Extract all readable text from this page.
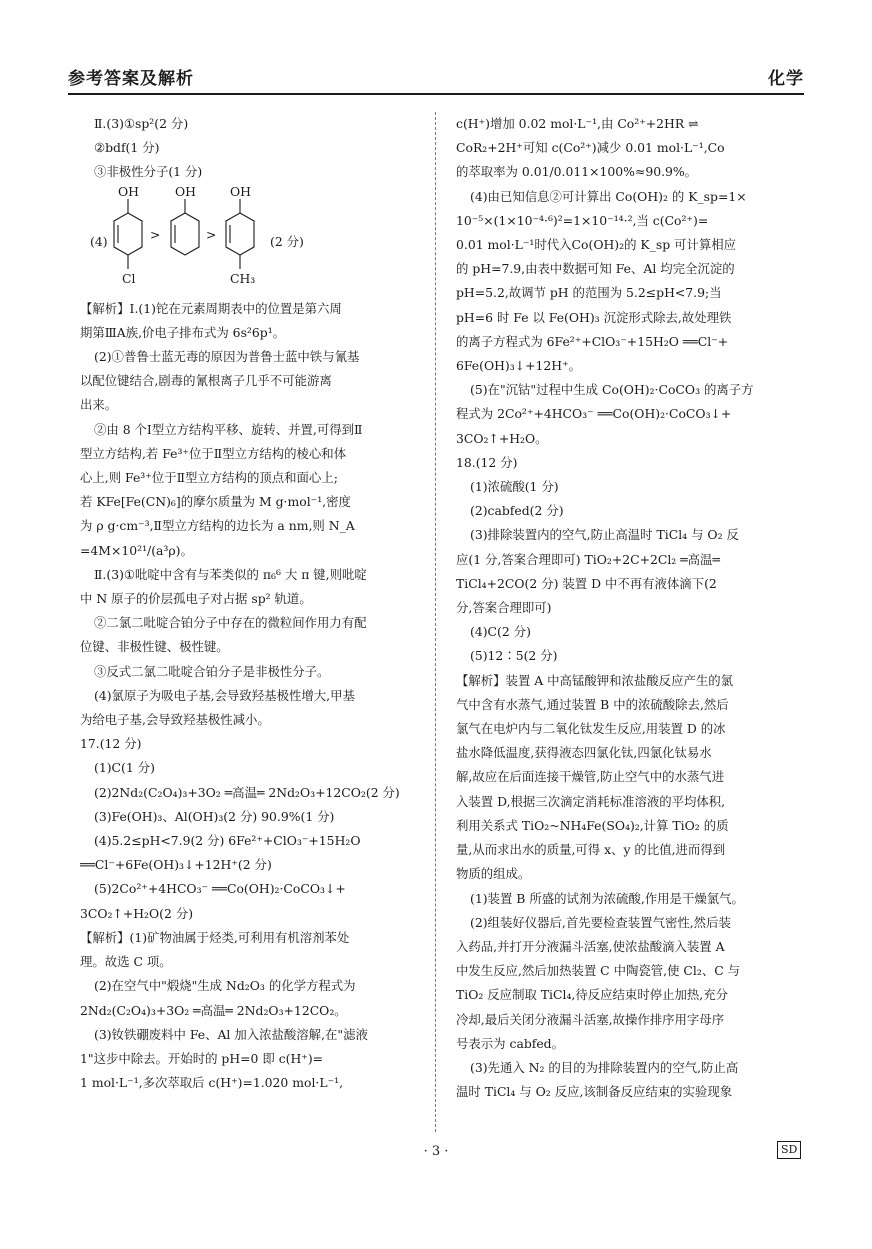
参考答案及解析	化学
Ⅱ.(3)①sp²(2 分)
②bdf(1 分)
③非极性分子(1 分)
(4)
OH	OH	OH
>	>
Cl	CH₃
(2 分)
【解析】Ⅰ.(1)铊在元素周期表中的位置是第六周
期第ⅢA族,价电子排布式为 6s²6p¹。
(2)①普鲁士蓝无毒的原因为普鲁士蓝中铁与氰基
以配位键结合,剧毒的氰根离子几乎不可能游离
出来。
②由 8 个Ⅰ型立方结构平移、旋转、并置,可得到Ⅱ
型立方结构,若 Fe³⁺位于Ⅱ型立方结构的棱心和体
心上,则 Fe³⁺位于Ⅱ型立方结构的顶点和面心上;
若 KFe[Fe(CN)₆]的摩尔质量为 M g·mol⁻¹,密度
为 ρ g·cm⁻³,Ⅱ型立方结构的边长为 a nm,则 N_A
=4M×10²¹/(a³ρ)。
Ⅱ.(3)①吡啶中含有与苯类似的 π₆⁶ 大 π 键,则吡啶
中 N 原子的价层孤电子对占据 sp² 轨道。
②二氯二吡啶合铂分子中存在的微粒间作用力有配
位键、非极性键、极性键。
③反式二氯二吡啶合铂分子是非极性分子。
(4)氯原子为吸电子基,会导致羟基极性增大,甲基
为给电子基,会导致羟基极性减小。
17.(12 分)
(1)C(1 分)
(2)2Nd₂(C₂O₄)₃+3O₂ ═高温═ 2Nd₂O₃+12CO₂(2 分)
(3)Fe(OH)₃、Al(OH)₃(2 分) 90.9%(1 分)
(4)5.2≤pH<7.9(2 分) 6Fe²⁺+ClO₃⁻+15H₂O
══Cl⁻+6Fe(OH)₃↓+12H⁺(2 分)
(5)2Co²⁺+4HCO₃⁻ ══Co(OH)₂·CoCO₃↓+
3CO₂↑+H₂O(2 分)
【解析】(1)矿物油属于烃类,可利用有机溶剂苯处
理。故选 C 项。
(2)在空气中"煅烧"生成 Nd₂O₃ 的化学方程式为
2Nd₂(C₂O₄)₃+3O₂ ═高温═ 2Nd₂O₃+12CO₂。
(3)钕铁硼废料中 Fe、Al 加入浓盐酸溶解,在"滤液
1"这步中除去。开始时的 pH=0 即 c(H⁺)=
1 mol·L⁻¹,多次萃取后 c(H⁺)=1.020 mol·L⁻¹,
c(H⁺)增加 0.02 mol·L⁻¹,由 Co²⁺+2HR ⇌
CoR₂+2H⁺可知 c(Co²⁺)减少 0.01 mol·L⁻¹,Co
的萃取率为 0.01/0.011×100%≈90.9%。
(4)由已知信息②可计算出 Co(OH)₂ 的 K_sp=1×
10⁻⁵×(1×10⁻⁴·⁶)²=1×10⁻¹⁴·²,当 c(Co²⁺)=
0.01 mol·L⁻¹时代入Co(OH)₂的 K_sp 可计算相应
的 pH=7.9,由表中数据可知 Fe、Al 均完全沉淀的
pH=5.2,故调节 pH 的范围为 5.2≤pH<7.9;当
pH=6 时 Fe 以 Fe(OH)₃ 沉淀形式除去,故处理铁
的离子方程式为 6Fe²⁺+ClO₃⁻+15H₂O ══Cl⁻+
6Fe(OH)₃↓+12H⁺。
(5)在"沉钴"过程中生成 Co(OH)₂·CoCO₃ 的离子方
程式为 2Co²⁺+4HCO₃⁻ ══Co(OH)₂·CoCO₃↓+
3CO₂↑+H₂O。
18.(12 分)
(1)浓硫酸(1 分)
(2)cabfed(2 分)
(3)排除装置内的空气,防止高温时 TiCl₄ 与 O₂ 反
应(1 分,答案合理即可) TiO₂+2C+2Cl₂ ═高温═
TiCl₄+2CO(2 分) 装置 D 中不再有液体滴下(2
分,答案合理即可)
(4)C(2 分)
(5)12∶5(2 分)
【解析】装置 A 中高锰酸钾和浓盐酸反应产生的氯
气中含有水蒸气,通过装置 B 中的浓硫酸除去,然后
氯气在电炉内与二氧化钛发生反应,用装置 D 的冰
盐水降低温度,获得液态四氯化钛,四氯化钛易水
解,故应在后面连接干燥管,防止空气中的水蒸气进
入装置 D,根据三次滴定消耗标准溶液的平均体积,
利用关系式 TiO₂~NH₄Fe(SO₄)₂,计算 TiO₂ 的质
量,从而求出水的质量,可得 x、y 的比值,进而得到
物质的组成。
(1)装置 B 所盛的试剂为浓硫酸,作用是干燥氯气。
(2)组装好仪器后,首先要检查装置气密性,然后装
入药品,并打开分液漏斗活塞,使浓盐酸滴入装置 A
中发生反应,然后加热装置 C 中陶瓷管,使 Cl₂、C 与
TiO₂ 反应制取 TiCl₄,待反应结束时停止加热,充分
冷却,最后关闭分液漏斗活塞,故操作排序用字母序
号表示为 cabfed。
(3)先通入 N₂ 的目的为排除装置内的空气,防止高
温时 TiCl₄ 与 O₂ 反应,该制备反应结束的实验现象
· 3 ·	SD
